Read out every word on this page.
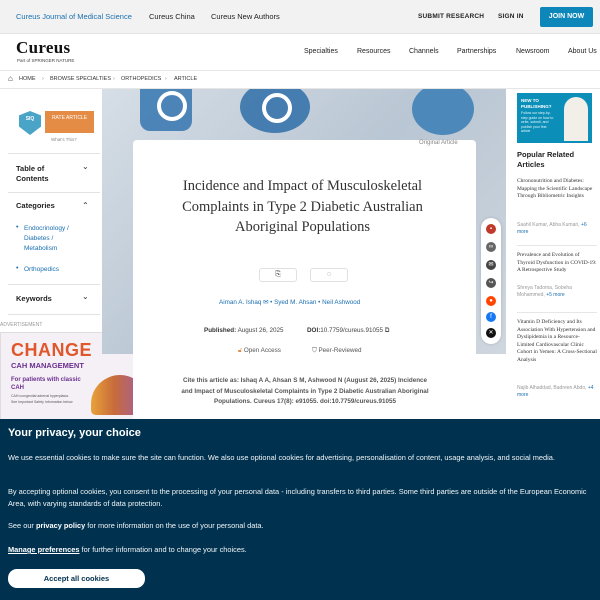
Cureus Journal of Medical Science Cureus China Cureus New Authors	SUBMIT RESEARCH SIGN IN	JOIN NOW
Cureus
Part of SPRINGER NATURE
Specialties	Resources	Channels	Partnerships	Newsroom	About Us
⌂ HOME › BROWSE SPECIALTIES › ORTHOPEDICS › ARTICLE
SIQ	RATE ARTICLE
What's This?
Table of Contents
⌄
Categories	⌃
• Endocrinology / Diabetes / Metabolism
• Orthopedics
Keywords	⌄
ADVERTISEMENT
CHANGE
CAH MANAGEMENT
For patients with classic CAH
CAH=congenital adrenal hyperplasia.
See Important Safety Information below
Original Article
Incidence and Impact of Musculoskeletal Complaints in Type 2 Diabetic Australian Aboriginal Populations
⎘	◌
Aiman A. Ishaq ✉ • Syed M. Ahsan • Neil Ashwood
Published: August 26, 2025	DOI:10.7759/cureus.91055 ⧉
🔓︎ Open Access	⛉ Peer-Reviewed
Cite this article as: Ishaq A A, Ahsan S M, Ashwood N (August 26, 2025) Incidence and Impact of Musculoskeletal Complaints in Type 2 Diabetic Australian Aboriginal Populations. Cureus 17(8): e91055. doi:10.7759/cureus.91055
▪
∞
✉
↪
●
f
✕
NEW TO PUBLISHING?
Follow our step-by-step guide on how to write, submit, and publish your first article
Popular Related Articles
Chrononutrition and Diabetes: Mapping the Scientific Landscape Through Bibliometric Insights
Saahil Kumar, Abha Kumari, +6 more
Prevalence and Evolution of Thyroid Dysfunction in COVID-19: A Retrospective Study
Shreya Tadoma, Sobeha Mohammed, +5 more
Vitamin D Deficiency and Its Association With Hypertension and Dyslipidemia in a Resource-Limited Cardiovascular Clinic Cohort in Yemen: A Cross-Sectional Analysis
Najib Alhaddad, Badreen Abdo, +4 more
Your privacy, your choice

We use essential cookies to make sure the site can function. We also use optional cookies for advertising, personalisation of content, usage analysis, and social media.

By accepting optional cookies, you consent to the processing of your personal data - including transfers to third parties. Some third parties are outside of the European Economic Area, with varying standards of data protection.

See our privacy policy for more information on the use of your personal data.

Manage preferences for further information and to change your choices.

Accept all cookies
